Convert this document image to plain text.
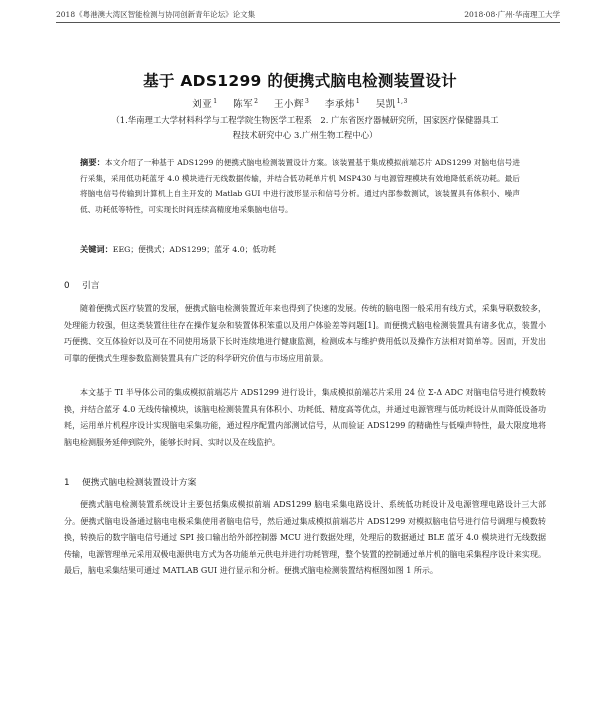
2018《粤港澳大湾区智能检测与协同创新青年论坛》论文集	2018·08·广州·华南理工大学
基于 ADS1299 的便携式脑电检测装置设计
刘亚$^1$ 陈军$^2$ 王小辉$^3$ 李承炜$^1$ 吴凯$^{1,3}$
（1.华南理工大学材料科学与工程学院生物医学工程系　2. 广东省医疗器械研究所，国家医疗保健器具工程技术研究中心 3.广州生物工程中心）
摘要：本文介绍了一种基于 ADS1299 的便携式脑电检测装置设计方案。该装置基于集成模拟前端芯片 ADS1299 对脑电信号进行采集，采用低功耗蓝牙 4.0 模块进行无线数据传输，并结合低功耗单片机 MSP430 与电源管理模块有效地降低系统功耗。最后将脑电信号传输到计算机上自主开发的 Matlab GUI 中进行波形显示和信号分析。通过内部参数测试，该装置具有体积小、噪声低、功耗低等特性，可实现长时间连续高精度地采集脑电信号。
关键词：EEG；便携式；ADS1299；蓝牙 4.0；低功耗
0 引言

随着便携式医疗装置的发展，便携式脑电检测装置近年来也得到了快速的发展。传统的脑电图一般采用有线方式，采集导联数较多，处理能力较强，但这类装置往往存在操作复杂和装置体积笨重以及用户体验差等问题[1]。而便携式脑电检测装置具有诸多优点，装置小巧便携、交互体验好以及可在不同使用场景下长时连续地进行健康监测，检测成本与维护费用低以及操作方法相对简单等。因而，开发出可靠的便携式生理参数监测装置具有广泛的科学研究价值与市场应用前景。

本文基于 TI 半导体公司的集成模拟前端芯片 ADS1299 进行设计，集成模拟前端芯片采用 24 位 Σ-Δ ADC 对脑电信号进行模数转换，并结合蓝牙 4.0 无线传输模块，该脑电检测装置具有体积小、功耗低、精度高等优点，并通过电源管理与低功耗设计从而降低设备功耗，运用单片机程序设计实现脑电采集功能，通过程序配置内部测试信号，从而验证 ADS1299 的精确性与低噪声特性，最大限度地将脑电检测服务延伸到院外，能够长时间、实时以及在线监护。

1 便携式脑电检测装置设计方案

便携式脑电检测装置系统设计主要包括集成模拟前端 ADS1299 脑电采集电路设计、系统低功耗设计及电源管理电路设计三大部分。便携式脑电设备通过脑电电极采集使用者脑电信号，然后通过集成模拟前端芯片 ADS1299 对模拟脑电信号进行信号调理与模数转换，转换后的数字脑电信号通过 SPI 接口输出给外部控制器 MCU 进行数据处理，处理后的数据通过 BLE 蓝牙 4.0 模块进行无线数据传输，电源管理单元采用双极电源供电方式为各功能单元供电并进行功耗管理，整个装置的控制通过单片机的脑电采集程序设计来实现。最后，脑电采集结果可通过 MATLAB GUI 进行显示和分析。便携式脑电检测装置结构框图如图 1 所示。
